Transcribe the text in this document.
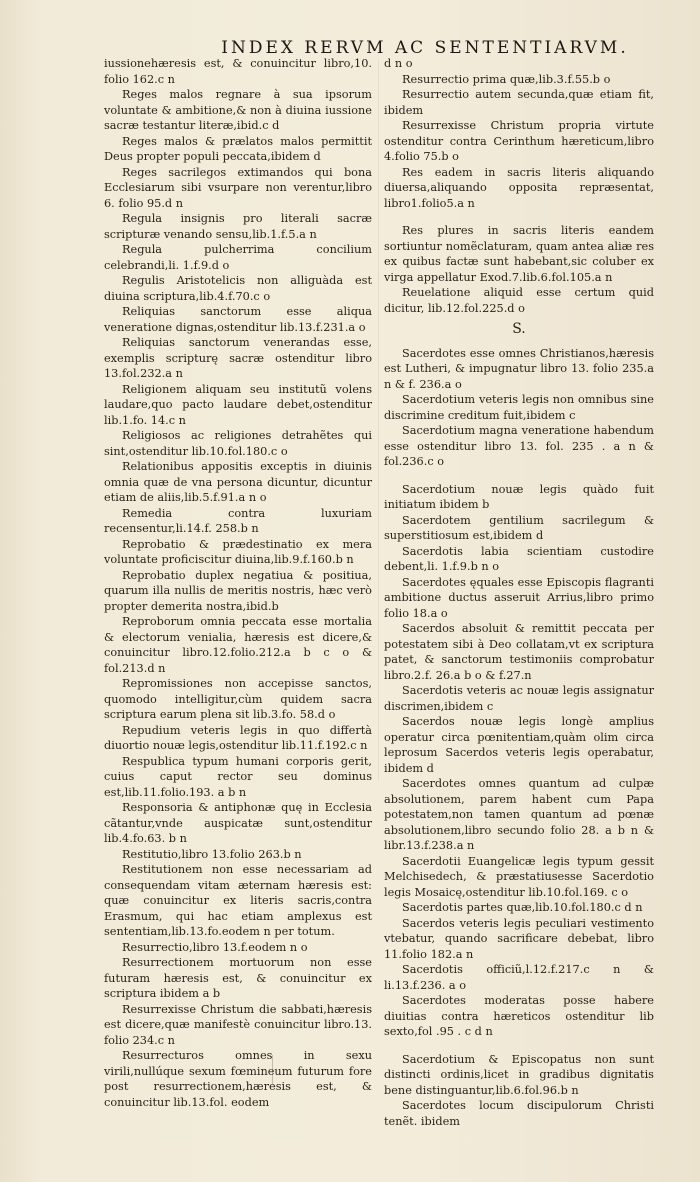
INDEX RERVM AC SENTENTIARVM.

iussionehæresis est, & conuincitur libro,10. folio 162.c n

Reges malos regnare à sua ipsorum voluntate & ambitione,& non à diuina iussione sacræ testantur literæ,ibid.c d

Reges malos & prælatos malos permittit Deus propter populi peccata,ibidem d

Reges sacrilegos extimandos qui bona Ecclesiarum sibi vsurpare non verentur,libro 6. folio 95.d n

Regula insignis pro literali sacræ scripturæ venando sensu,lib.1.f.5.a n

Regula pulcherrima concilium celebrandi,li. 1.f.9.d o

Regulis Aristotelicis non alliguàda est diuina scriptura,lib.4.f.70.c o

Reliquias sanctorum esse aliqua veneratione dignas,ostenditur lib.13.f.231.a o

Reliquias sanctorum venerandas esse, exemplis scripturę sacræ ostenditur libro 13.fol.232.a n

Religionem aliquam seu institutũ volens laudare,quo pacto laudare debet,ostenditur lib.1.fo. 14.c n

Religiosos ac religiones detrahẽtes qui sint,ostenditur lib.10.fol.180.c o

Relationibus appositis exceptis in diuinis omnia quæ de vna persona dicuntur, dicuntur etiam de aliis,lib.5.f.91.a n o

Remedia contra luxuriam recensentur,li.14.f. 258.b n

Reprobatio & prædestinatio ex mera voluntate proficiscitur diuina,lib.9.f.160.b n

Reprobatio duplex negatiua & positiua, quarum illa nullis de meritis nostris, hæc verò propter demerita nostra,ibid.b

Reproborum omnia peccata esse mortalia & electorum venialia, hæresis est dicere,& conuincitur libro.12.folio.212.a b c o & fol.213.d n

Repromissiones non accepisse sanctos, quomodo intelligitur,cùm quidem sacra scriptura earum plena sit lib.3.fo. 58.d o

Repudium veteris legis in quo differtà diuortio nouæ legis,ostenditur lib.11.f.192.c n

Respublica typum humani corporis gerit, cuius caput rector seu dominus est,lib.11.folio.193. a b n

Responsoria & antiphonæ quę in Ecclesia cãtantur,vnde auspicatæ sunt,ostenditur lib.4.fo.63. b n

Restitutio,libro 13.folio 263.b n

Restitutionem non esse necessariam ad consequendam vitam æternam hæresis est: quæ conuincitur ex literis sacris,contra Erasmum, qui hac etiam amplexus est sententiam,lib.13.fo.eodem n per totum.

Resurrectio,libro 13.f.eodem n o

Resurrectionem mortuorum non esse futuram hæresis est, & conuincitur ex scriptura ibidem a b

Resurrexisse Christum die sabbati,hæresis est dicere,quæ manifestè conuincitur libro.13. folio 234.c n

Resurrecturos omnes in sexu virili,nullúque sexum fœmineum futurum fore post resurrectionem,hæresis est, & conuincitur lib.13.fol. eodem

d n o

Resurrectio prima quæ,lib.3.f.55.b o

Resurrectio autem secunda,quæ etiam fit, ibidem

Resurrexisse Christum propria virtute ostenditur contra Cerinthum hæreticum,libro 4.folio 75.b o

Res eadem in sacris literis aliquando diuersa,aliquando opposita repræsentat, libro1.folio5.a n

Res plures in sacris literis eandem sortiuntur nomẽclaturam, quam antea aliæ res ex quibus factæ sunt habebant,sic coluber ex virga appellatur Exod.7.lib.6.fol.105.a n

Reuelatione aliquid esse certum quid dicitur, lib.12.fol.225.d o

S.

Sacerdotes esse omnes Christianos,hæresis est Lutheri, & impugnatur libro 13. folio 235.a n & f. 236.a o

Sacerdotium veteris legis non omnibus sine discrimine creditum fuit,ibidem c

Sacerdotium magna veneratione habendum esse ostenditur libro 13. fol. 235 . a n & fol.236.c o

Sacerdotium nouæ legis quàdo fuit initiatum ibidem b

Sacerdotem gentilium sacrilegum & superstitiosum est,ibidem d

Sacerdotis labia scientiam custodire debent,li. 1.f.9.b n o

Sacerdotes ęquales esse Episcopis flagranti ambitione ductus asseruit Arrius,libro primo folio 18.a o

Sacerdos absoluit & remittit peccata per potestatem sibi à Deo collatam,vt ex scriptura patet, & sanctorum testimoniis comprobatur libro.2.f. 26.a b o & f.27.n

Sacerdotis veteris ac nouæ legis assignatur discrimen,ibidem c

Sacerdos nouæ legis longè amplius operatur circa pœnitentiam,quàm olim circa leprosum Sacerdos veteris legis operabatur, ibidem d

Sacerdotes omnes quantum ad culpæ absolutionem, parem habent cum Papa potestatem,non tamen quantum ad pœnæ absolutionem,libro secundo folio 28. a b n & libr.13.f.238.a n

Sacerdotii Euangelicæ legis typum gessit Melchisedech, & præstatiusesse Sacerdotio legis Mosaicę,ostenditur lib.10.fol.169. c o

Sacerdotis partes quæ,lib.10.fol.180.c d n

Sacerdos veteris legis peculiari vestimento vtebatur, quando sacrificare debebat, libro 11.folio 182.a n

Sacerdotis officiũ,l.12.f.217.c n & li.13.f.236. a o

Sacerdotes moderatas posse habere diuitias contra hæreticos ostenditur lib sexto,fol .95 . c d n

Sacerdotium & Episcopatus non sunt distincti ordinis,licet in gradibus dignitatis bene distinguantur,lib.6.fol.96.b n

Sacerdotes locum discipulorum Christi tenẽt. ibidem
